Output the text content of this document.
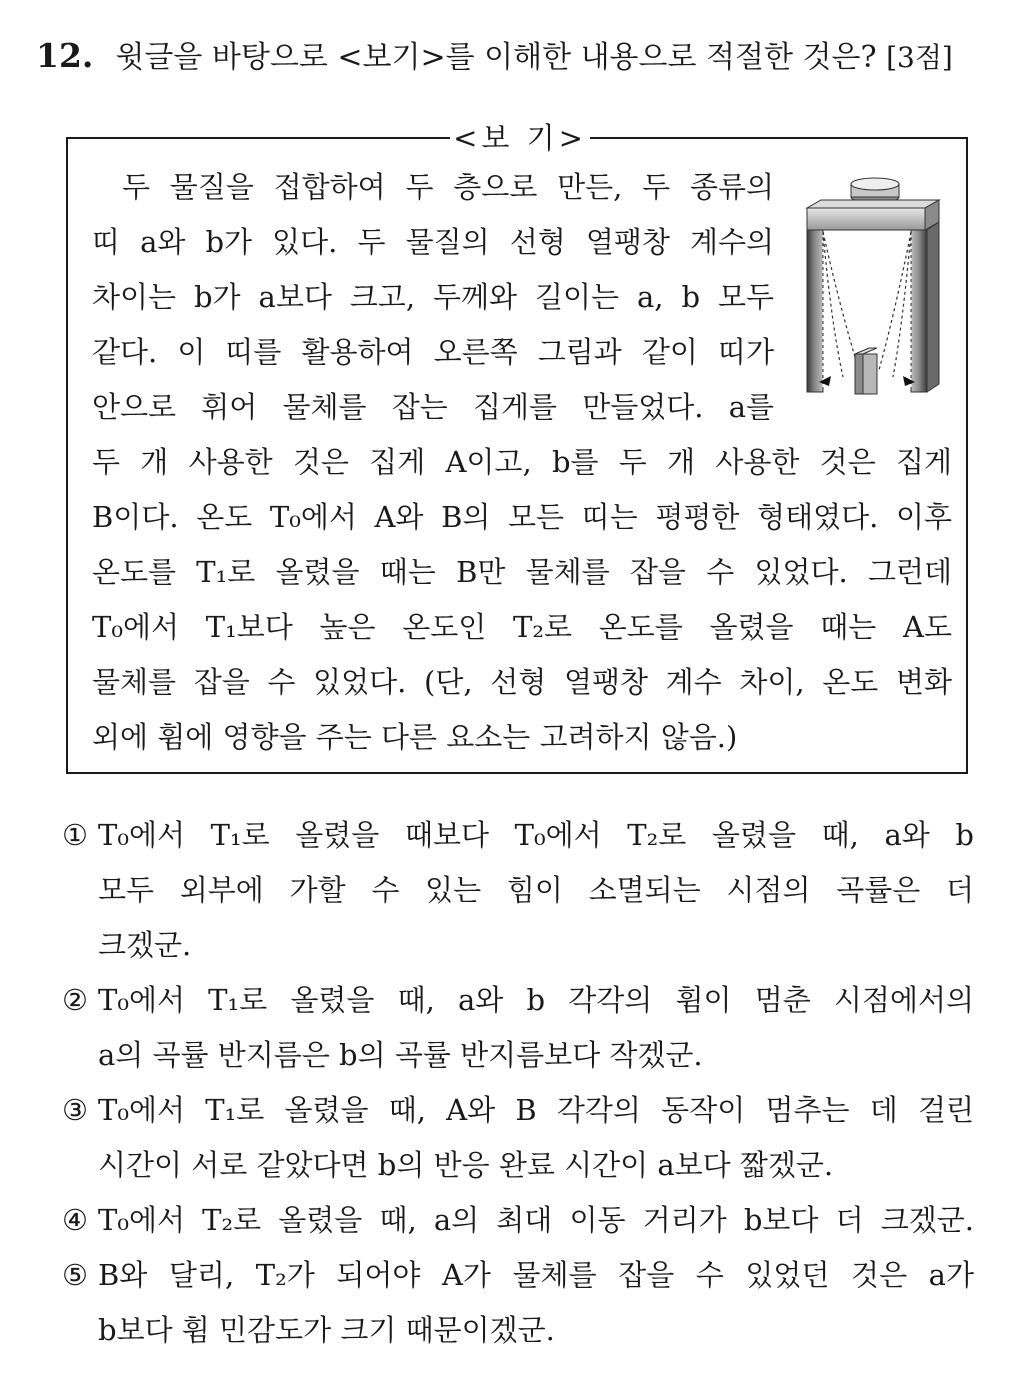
12. 윗글을 바탕으로 <보기>를 이해한 내용으로 적절한 것은? [3점]
<보 기>
두 물질을 접합하여 두 층으로 만든, 두 종류의
띠 a와 b가 있다. 두 물질의 선형 열팽창 계수의
차이는 b가 a보다 크고, 두께와 길이는 a, b 모두
같다. 이 띠를 활용하여 오른쪽 그림과 같이 띠가
안으로 휘어 물체를 잡는 집게를 만들었다. a를
두 개 사용한 것은 집게 A이고, b를 두 개 사용한 것은 집게
B이다. 온도 T₀에서 A와 B의 모든 띠는 평평한 형태였다. 이후
온도를 T₁로 올렸을 때는 B만 물체를 잡을 수 있었다. 그런데
T₀에서 T₁보다 높은 온도인 T₂로 온도를 올렸을 때는 A도
물체를 잡을 수 있었다. (단, 선형 열팽창 계수 차이, 온도 변화
외에 휨에 영향을 주는 다른 요소는 고려하지 않음.)
① T₀에서 T₁로 올렸을 때보다 T₀에서 T₂로 올렸을 때, a와 b
모두 외부에 가할 수 있는 힘이 소멸되는 시점의 곡률은 더
크겠군.
② T₀에서 T₁로 올렸을 때, a와 b 각각의 휨이 멈춘 시점에서의
a의 곡률 반지름은 b의 곡률 반지름보다 작겠군.
③ T₀에서 T₁로 올렸을 때, A와 B 각각의 동작이 멈추는 데 걸린
시간이 서로 같았다면 b의 반응 완료 시간이 a보다 짧겠군.
④ T₀에서 T₂로 올렸을 때, a의 최대 이동 거리가 b보다 더 크겠군.
⑤ B와 달리, T₂가 되어야 A가 물체를 잡을 수 있었던 것은 a가
b보다 휨 민감도가 크기 때문이겠군.
